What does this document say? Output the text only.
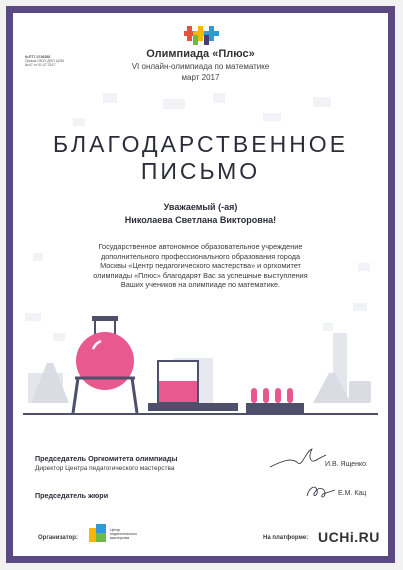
№ПТ7-0746288
Приказ ГАОУ ДПО ЦПМ
№47 от 01.07.2017
Олимпиада «Плюс»
VI онлайн-олимпиада по математике
март 2017
БЛАГОДАРСТВЕННОЕ
ПИСЬМО
Уважаемый (-ая)
Николаева Светлана Викторовна!
Государственное автономное образовательное учреждение
дополнительного профессионального образования города
Москвы «Центр педагогического мастерства» и оргкомитет
олимпиады «Плюс» благодарят Вас за успешные выступления
Ваших учеников на олимпиаде по математике.
Председатель Оргкомитета олимпиады
Директор Центра педагогического мастерства
И.В. Ященко
Председатель жюри	Е.М. Кац
Организатор:
Центр
педагогического
мастерства	На платформе: UCHi.RU
